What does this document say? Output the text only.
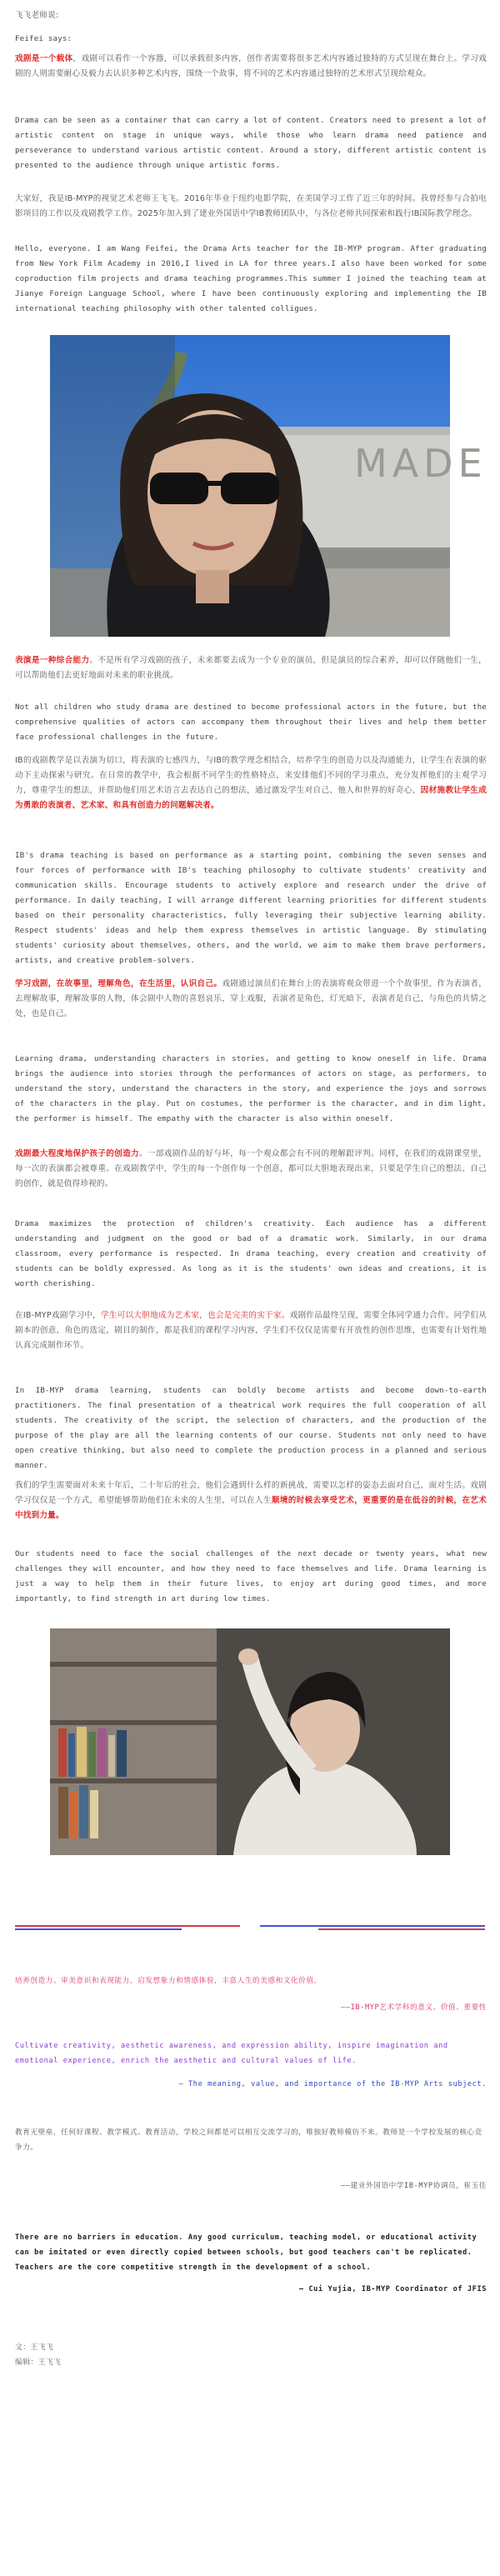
飞飞老师说:

Feifei says:

戏剧是一个载体，戏剧可以看作一个容器，可以承载很多内容，创作者需要将很多艺术内容通过独特的方式呈现在舞台上。学习戏剧的人则需要耐心及毅力去认识多种艺术内容，围绕一个故事，将不同的艺术内容通过独特的艺术形式呈现给观众。

Drama can be seen as a container that can carry a lot of content. Creators need to present a lot of artistic content on stage in unique ways, while those who learn drama need patience and perseverance to understand various artistic content. Around a story, different artistic content is presented to the audience through unique artistic forms.

大家好，我是IB-MYP的视觉艺术老师王飞飞。2016年毕业于纽约电影学院，在美国学习工作了近三年的时间。我曾经参与合拍电影项目的工作以及戏剧教学工作。2025年加入到了建业外国语中学IB教师团队中，与各位老师共同探索和践行IB国际教学理念。

Hello, everyone. I am Wang Feifei, the Drama Arts teacher for the IB-MYP program. After graduating from New York Film Academy in 2016,I lived in LA for three years.I also have been worked for some coproduction film projects and drama teaching programmes.This summer I joined the teaching team at Jianye Foreign Language School, where I have been continuously exploring and implementing the IB international teaching philosophy with other talented colligues.

MADE

表演是一种综合能力。不是所有学习戏剧的孩子，未来都要去成为一个专业的演员，但是演员的综合素养，却可以伴随他们一生，可以帮助他们去更好地面对未来的职业挑战。

Not all children who study drama are destined to become professional actors in the future, but the comprehensive qualities of actors can accompany them throughout their lives and help them better face professional challenges in the future.

IB的戏剧教学是以表演为切口，将表演的七感四力，与IB的教学理念相结合，培养学生的创造力以及沟通能力，让学生在表演的驱动下主动探索与研究。在日常的教学中，我会根据不同学生的性格特点，来安排他们不同的学习重点，充分发挥他们的主观学习力，尊重学生的想法，并帮助他们用艺术语言去表达自己的想法，通过激发学生对自己、他人和世界的好奇心，因材施教让学生成为勇敢的表演者、艺术家、和具有创造力的问题解决者。

IB's drama teaching is based on performance as a starting point, combining the seven senses and four forces of performance with IB's teaching philosophy to cultivate students' creativity and communication skills. Encourage students to actively explore and research under the drive of performance. In daily teaching, I will arrange different learning priorities for different students based on their personality characteristics, fully leveraging their subjective learning ability. Respect students' ideas and help them express themselves in artistic language. By stimulating students' curiosity about themselves, others, and the world, we aim to make them brave performers, artists, and creative problem-solvers.

学习戏剧，在故事里，理解角色，在生活里，认识自己。戏剧通过演员们在舞台上的表演将观众带进一个个故事里，作为表演者，去理解故事，理解故事的人物，体会剧中人物的喜怒哀乐，穿上戏服，表演者是角色，灯光暗下，表演者是自己，与角色的共情之处，也是自己。

Learning drama, understanding characters in stories, and getting to know oneself in life. Drama brings the audience into stories through the performances of actors on stage, as performers, to understand the story, understand the characters in the story, and experience the joys and sorrows of the characters in the play. Put on costumes, the performer is the character, and in dim light, the performer is himself. The empathy with the character is also within oneself.

戏剧最大程度地保护孩子的创造力。一部戏剧作品的好与坏，每一个观众都会有不同的理解跟评判。同样，在我们的戏剧课堂里，每一次的表演都会被尊重。在戏剧教学中，学生的每一个创作每一个创意，都可以大胆地表现出来，只要是学生自己的想法、自己的创作，就是值得珍视的。

Drama maximizes the protection of children's creativity. Each audience has a different understanding and judgment on the good or bad of a dramatic work. Similarly, in our drama classroom, every performance is respected. In drama teaching, every creation and creativity of students can be boldly expressed. As long as it is the students' own ideas and creations, it is worth cherishing.

在IB-MYP戏剧学习中，学生可以大胆地成为艺术家，也会是完美的实干家。戏剧作品最终呈现，需要全体同学通力合作。同学们从剧本的创意，角色的选定，剧目的制作，都是我们的课程学习内容，学生们不仅仅是需要有开放性的创作思维，也需要有计划性地认真完成制作环节。

In IB-MYP drama learning, students can boldly become artists and become down-to-earth practitioners. The final presentation of a theatrical work requires the full cooperation of all students. The creativity of the script, the selection of characters, and the production of the purpose of the play are all the learning contents of our course. Students not only need to have open creative thinking, but also need to complete the production process in a planned and serious manner.

我们的学生需要面对未来十年后，二十年后的社会，他们会遇到什么样的新挑战，需要以怎样的姿态去面对自己，面对生活。戏剧学习仅仅是一个方式，希望能够帮助他们在未来的人生里，可以在人生顺境的时候去享受艺术，更重要的是在低谷的时候，在艺术中找到力量。

Our students need to face the social challenges of the next decade or twenty years, what new challenges they will encounter, and how they need to face themselves and life. Drama learning is just a way to help them in their future lives, to enjoy art during good times, and more importantly, to find strength in art during low times.

培养创造力、审美意识和表现能力，启发想象力和情感体验，丰富人生的美感和文化价值。

——IB-MYP艺术学科的意义、价值、重要性

Cultivate creativity, aesthetic awareness, and expression ability, inspire imagination and emotional experience, enrich the aesthetic and cultural values of life.

— The meaning, value, and importance of the IB-MYP Arts subject.

教育无壁垒，任何好课程、教学模式、教育活动，学校之间都是可以相互交流学习的，唯独好教师模仿不来。教师是一个学校发展的核心竞争力。

——建业外国语中学IB-MYP协调员，崔玉佳

There are no barriers in education. Any good curriculum, teaching model, or educational activity can be imitated or even directly copied between schools, but good teachers can't be replicated. Teachers are the core competitive strength in the development of a school.

— Cui Yujia, IB-MYP Coordinator of JFIS

文：王飞飞

编辑：王飞飞
